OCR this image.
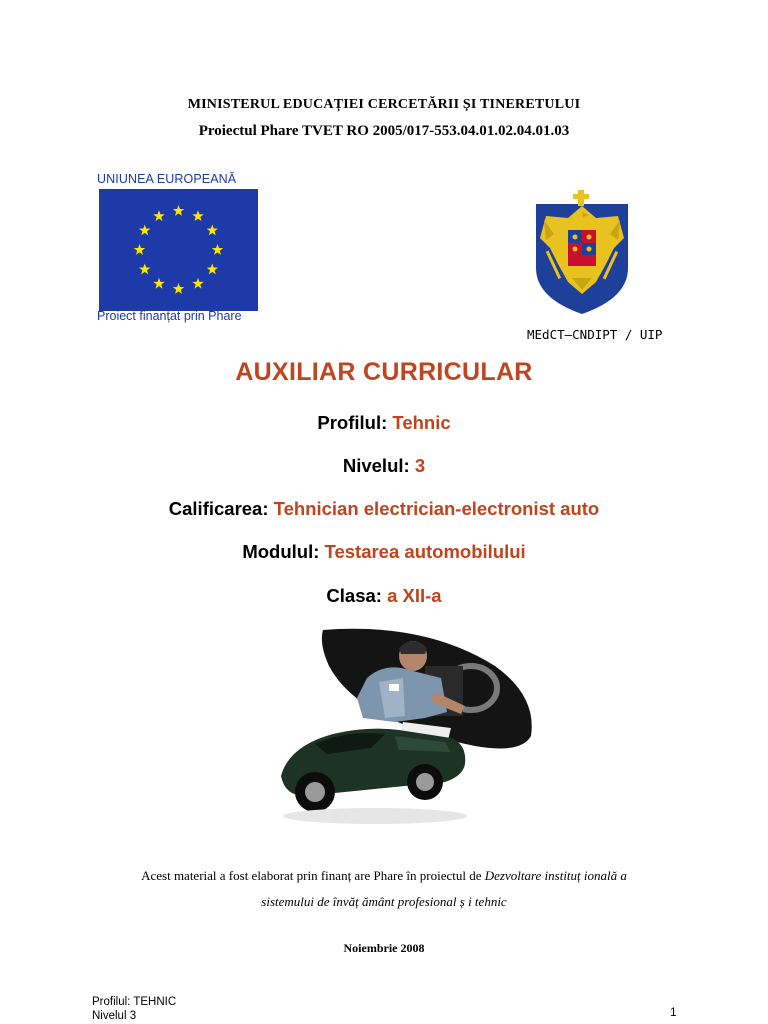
MINISTERUL EDUCAȚIEI CERCETĂRII ȘI TINERETULUI
Proiectul Phare TVET RO 2005/017-553.04.01.02.04.01.03
UNIUNEA EUROPEANĂ
Proiect finanțat prin Phare
MEdCT–CNDIPT / UIP
AUXILIAR CURRICULAR
Profilul: Tehnic
Nivelul: 3
Calificarea: Tehnician electrician-electronist auto
Modulul: Testarea automobilului
Clasa: a XII-a
Acest material a fost elaborat prin finanț are Phare în proiectul de Dezvoltare instituț ională a
sistemului de învăț ământ profesional ș i tehnic
Noiembrie 2008
Profilul: TEHNIC
Nivelul 3	1
